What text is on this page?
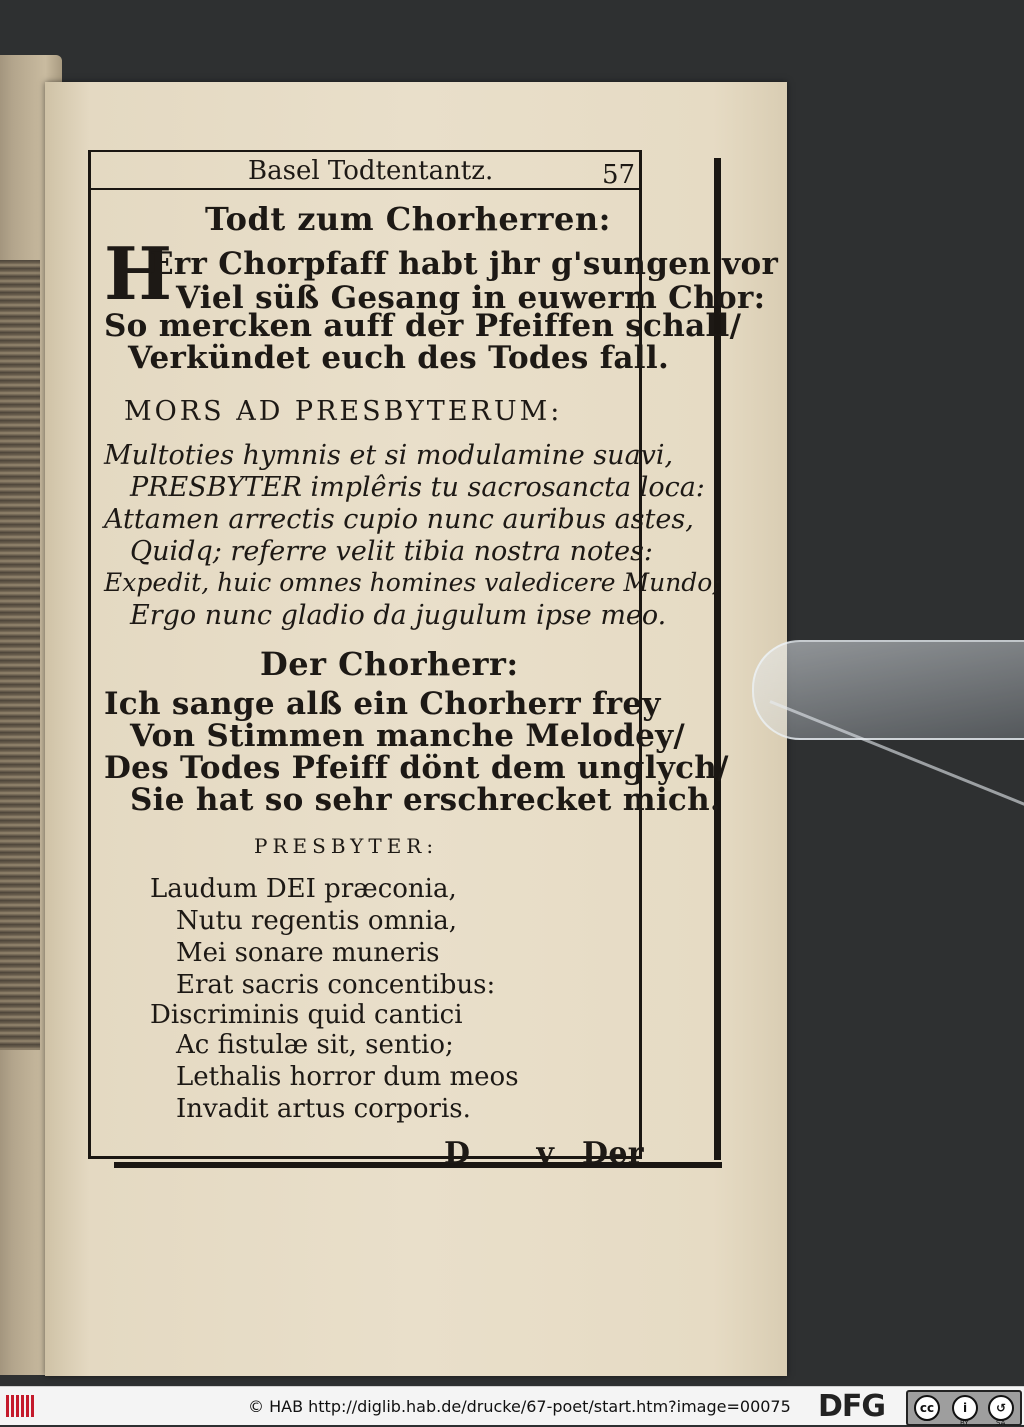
Basel Todtentantz.	57
Todt zum Chorherren:
H
Err Chorpfaff habt jhr g'sungen vor
Viel süß Gesang in euwerm Chor:
So mercken auff der Pfeiffen schall/
Verkündet euch des Todes fall.
MORS AD PRESBYTERUM:
Multoties hymnis et si modulamine suavi,
PRESBYTER implêris tu sacrosancta loca:
Attamen arrectis cupio nunc auribus astes,
Quidq; referre velit tibia nostra notes:
Expedit, huic omnes homines valedicere Mundo;
Ergo nunc gladio da jugulum ipse meo.
Der Chorherr:
Ich sange alß ein Chorherr frey
Von Stimmen manche Melodey/
Des Todes Pfeiff dönt dem unglych/
Sie hat so sehr erschrecket mich.
PRESBYTER:
Laudum DEI præconia,
Nutu regentis omnia,
Mei sonare muneris
Erat sacris concentibus:
Discriminis quid cantici
Ac fistulæ sit, sentio;
Lethalis horror dum meos
Invadit artus corporis.
D v Der
© HAB http://diglib.hab.de/drucke/67-poet/start.htm?image=00075 DFG	cc	i	↺
BY	SA
